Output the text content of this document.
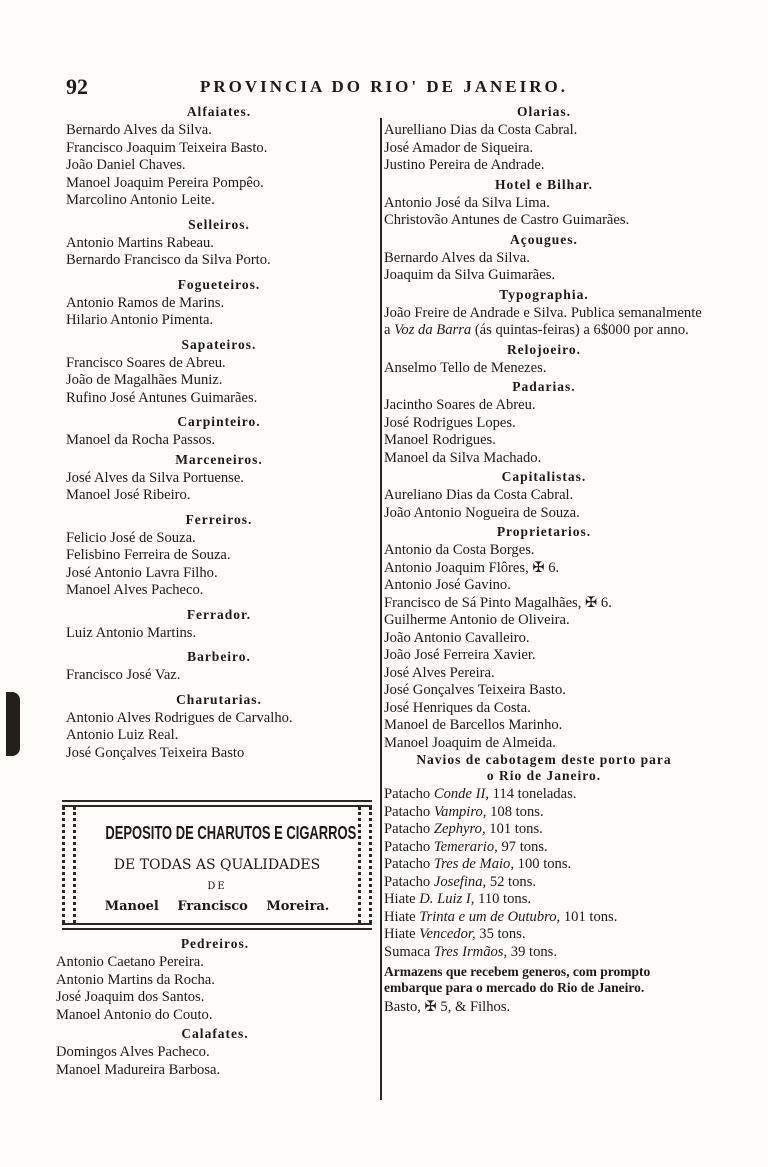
92	PROVINCIA DO RIO' DE JANEIRO.
Alfaiates.
Bernardo Alves da Silva.
Francisco Joaquim Teixeira Basto.
João Daniel Chaves.
Manoel Joaquim Pereira Pompêo.
Marcolino Antonio Leite.
Selleiros.
Antonio Martins Rabeau.
Bernardo Francisco da Silva Porto.
Fogueteiros.
Antonio Ramos de Marins.
Hilario Antonio Pimenta.
Sapateiros.
Francisco Soares de Abreu.
João de Magalhães Muniz.
Rufino José Antunes Guimarães.
Carpinteiro.
Manoel da Rocha Passos.
Marceneiros.
José Alves da Silva Portuense.
Manoel José Ribeiro.
Ferreiros.
Felicio José de Souza.
Felisbino Ferreira de Souza.
José Antonio Lavra Filho.
Manoel Alves Pacheco.
Ferrador.
Luiz Antonio Martins.
Barbeiro.
Francisco José Vaz.
Charutarias.
Antonio Alves Rodrigues de Carvalho.
Antonio Luiz Real.
José Gonçalves Teixeira Basto
DEPOSITO DE CHARUTOS E CIGARROS
DE TODAS AS QUALIDADES
DE
Manoel Francisco Moreira.
Pedreiros.
Antonio Caetano Pereira.
Antonio Martins da Rocha.
José Joaquim dos Santos.
Manoel Antonio do Couto.
Calafates.
Domingos Alves Pacheco.
Manoel Madureira Barbosa.
Olarias.
Aurelliano Dias da Costa Cabral.
José Amador de Siqueira.
Justino Pereira de Andrade.
Hotel e Bilhar.
Antonio José da Silva Lima.
Christovão Antunes de Castro Guimarães.
Açougues.
Bernardo Alves da Silva.
Joaquim da Silva Guimarães.
Typographia.
João Freire de Andrade e Silva. Publica semanalmente a Voz da Barra (ás quintas-feiras) a 6$000 por anno.
Relojoeiro.
Anselmo Tello de Menezes.
Padarias.
Jacintho Soares de Abreu.
José Rodrigues Lopes.
Manoel Rodrigues.
Manoel da Silva Machado.
Capitalistas.
Aureliano Dias da Costa Cabral.
João Antonio Nogueira de Souza.
Proprietarios.
Antonio da Costa Borges.
Antonio Joaquim Flôres, ✠ 6.
Antonio José Gavino.
Francisco de Sá Pinto Magalhães, ✠ 6.
Guilherme Antonio de Oliveira.
João Antonio Cavalleiro.
João José Ferreira Xavier.
José Alves Pereira.
José Gonçalves Teixeira Basto.
José Henriques da Costa.
Manoel de Barcellos Marinho.
Manoel Joaquim de Almeida.
Navios de cabotagem deste porto para
o Rio de Janeiro.
Patacho Conde II, 114 toneladas.
Patacho Vampiro, 108 tons.
Patacho Zephyro, 101 tons.
Patacho Temerario, 97 tons.
Patacho Tres de Maio, 100 tons.
Patacho Josefina, 52 tons.
Hiate D. Luiz I, 110 tons.
Hiate Trinta e um de Outubro, 101 tons.
Hiate Vencedor, 35 tons.
Sumaca Tres Irmãos, 39 tons.
Armazens que recebem generos, com prompto embarque para o mercado do Rio de Janeiro.
Basto, ✠ 5, & Filhos.
